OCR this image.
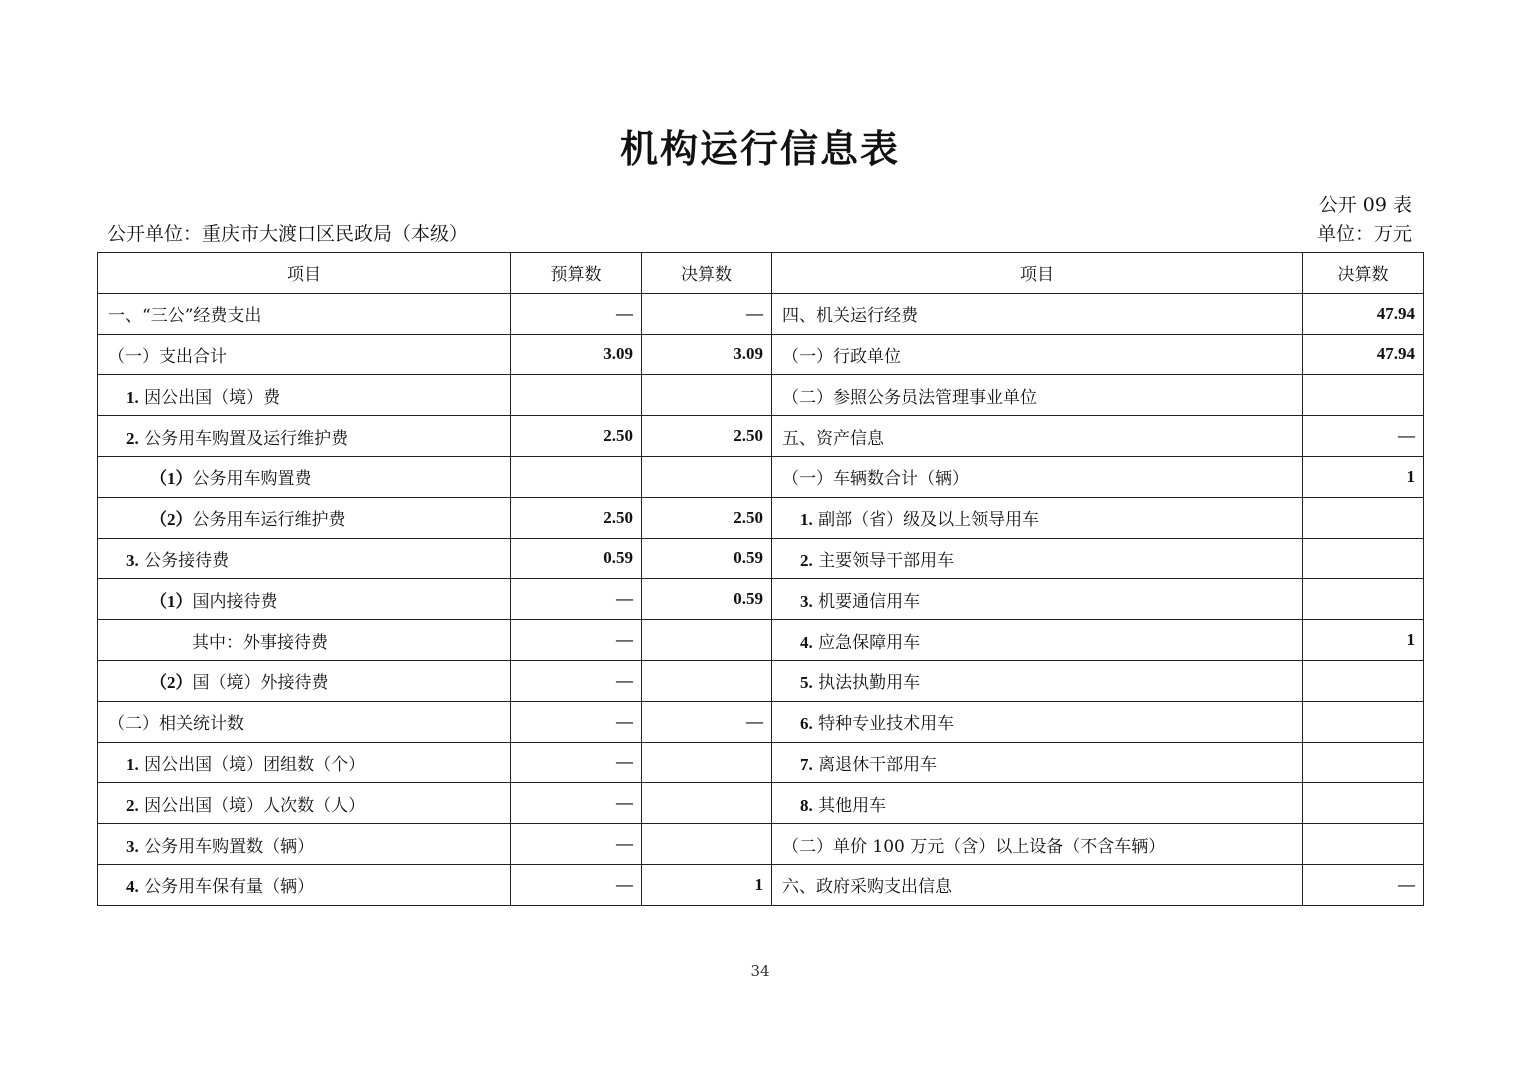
机构运行信息表
公开 09 表
公开单位：重庆市大渡口区民政局（本级）	单位：万元
项目	预算数	决算数	项目	决算数
一、“三公”经费支出	—	—	四、机关运行经费	47.94
（一）支出合计	3.09	3.09	（一）行政单位	47.94
1. 因公出国（境）费			（二）参照公务员法管理事业单位	
2. 公务用车购置及运行维护费	2.50	2.50	五、资产信息	—
（1）公务用车购置费			（一）车辆数合计（辆）	1
（2）公务用车运行维护费	2.50	2.50	1. 副部（省）级及以上领导用车	
3. 公务接待费	0.59	0.59	2. 主要领导干部用车	
（1）国内接待费	—	0.59	3. 机要通信用车	
其中：外事接待费	—		4. 应急保障用车	1
（2）国（境）外接待费	—		5. 执法执勤用车	
（二）相关统计数	—	—	6. 特种专业技术用车	
1. 因公出国（境）团组数（个）	—		7. 离退休干部用车	
2. 因公出国（境）人次数（人）	—		8. 其他用车	
3. 公务用车购置数（辆）	—		（二）单价 100 万元（含）以上设备（不含车辆）	
4. 公务用车保有量（辆）	—	1	六、政府采购支出信息	—
34
